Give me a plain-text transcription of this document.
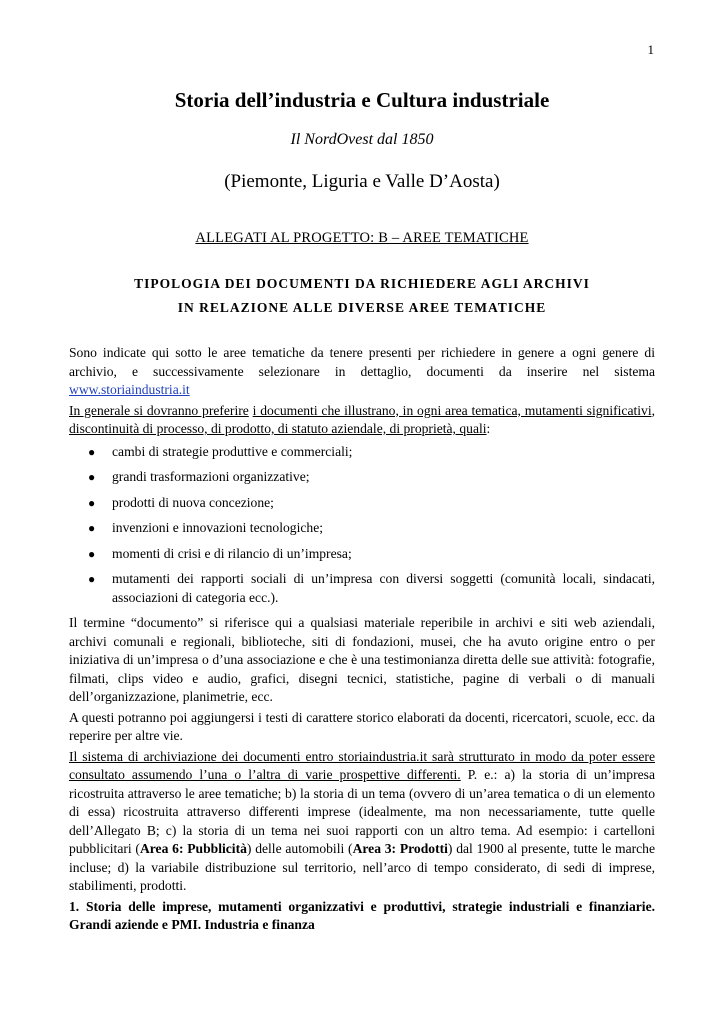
1
Storia dell’industria e Cultura industriale
Il NordOvest dal 1850
(Piemonte, Liguria e Valle D’Aosta)
ALLEGATI AL PROGETTO: B – AREE TEMATICHE
TIPOLOGIA DEI DOCUMENTI DA RICHIEDERE AGLI ARCHIVI
IN RELAZIONE ALLE DIVERSE AREE TEMATICHE

Sono indicate qui sotto le aree tematiche da tenere presenti per richiedere in genere a ogni genere di archivio, e successivamente selezionare in dettaglio, documenti da inserire nel sistema www.storiaindustria.it

In generale si dovranno preferire i documenti che illustrano, in ogni area tematica, mutamenti significativi, discontinuità di processo, di prodotto, di statuto aziendale, di proprietà, quali:

● cambi di strategie produttive e commerciali;
● grandi trasformazioni organizzative;
● prodotti di nuova concezione;
● invenzioni e innovazioni tecnologiche;
● momenti di crisi e di rilancio di un’impresa;
● mutamenti dei rapporti sociali di un’impresa con diversi soggetti (comunità locali, sindacati, associazioni di categoria ecc.).

Il termine “documento” si riferisce qui a qualsiasi materiale reperibile in archivi e siti web aziendali, archivi comunali e regionali, biblioteche, siti di fondazioni, musei, che ha avuto origine entro o per iniziativa di un’impresa o d’una associazione e che è una testimonianza diretta delle sue attività: fotografie, filmati, clips video e audio, grafici, disegni tecnici, statistiche, pagine di verbali o di manuali dell’organizzazione, planimetrie, ecc.

A questi potranno poi aggiungersi i testi di carattere storico elaborati da docenti, ricercatori, scuole, ecc. da reperire per altre vie.

Il sistema di archiviazione dei documenti entro storiaindustria.it sarà strutturato in modo da poter essere consultato assumendo l’una o l’altra di varie prospettive differenti. P. e.: a) la storia di un’impresa ricostruita attraverso le aree tematiche; b) la storia di un tema (ovvero di un’area tematica o di un elemento di essa) ricostruita attraverso differenti imprese (idealmente, ma non necessariamente, tutte quelle dell’Allegato B; c) la storia di un tema nei suoi rapporti con un altro tema. Ad esempio: i cartelloni pubblicitari (Area 6: Pubblicità) delle automobili (Area 3: Prodotti) dal 1900 al presente, tutte le marche incluse; d) la variabile distribuzione sul territorio, nell’arco di tempo considerato, di sedi di imprese, stabilimenti, prodotti.

1. Storia delle imprese, mutamenti organizzativi e produttivi, strategie industriali e finanziarie. Grandi aziende e PMI. Industria e finanza
